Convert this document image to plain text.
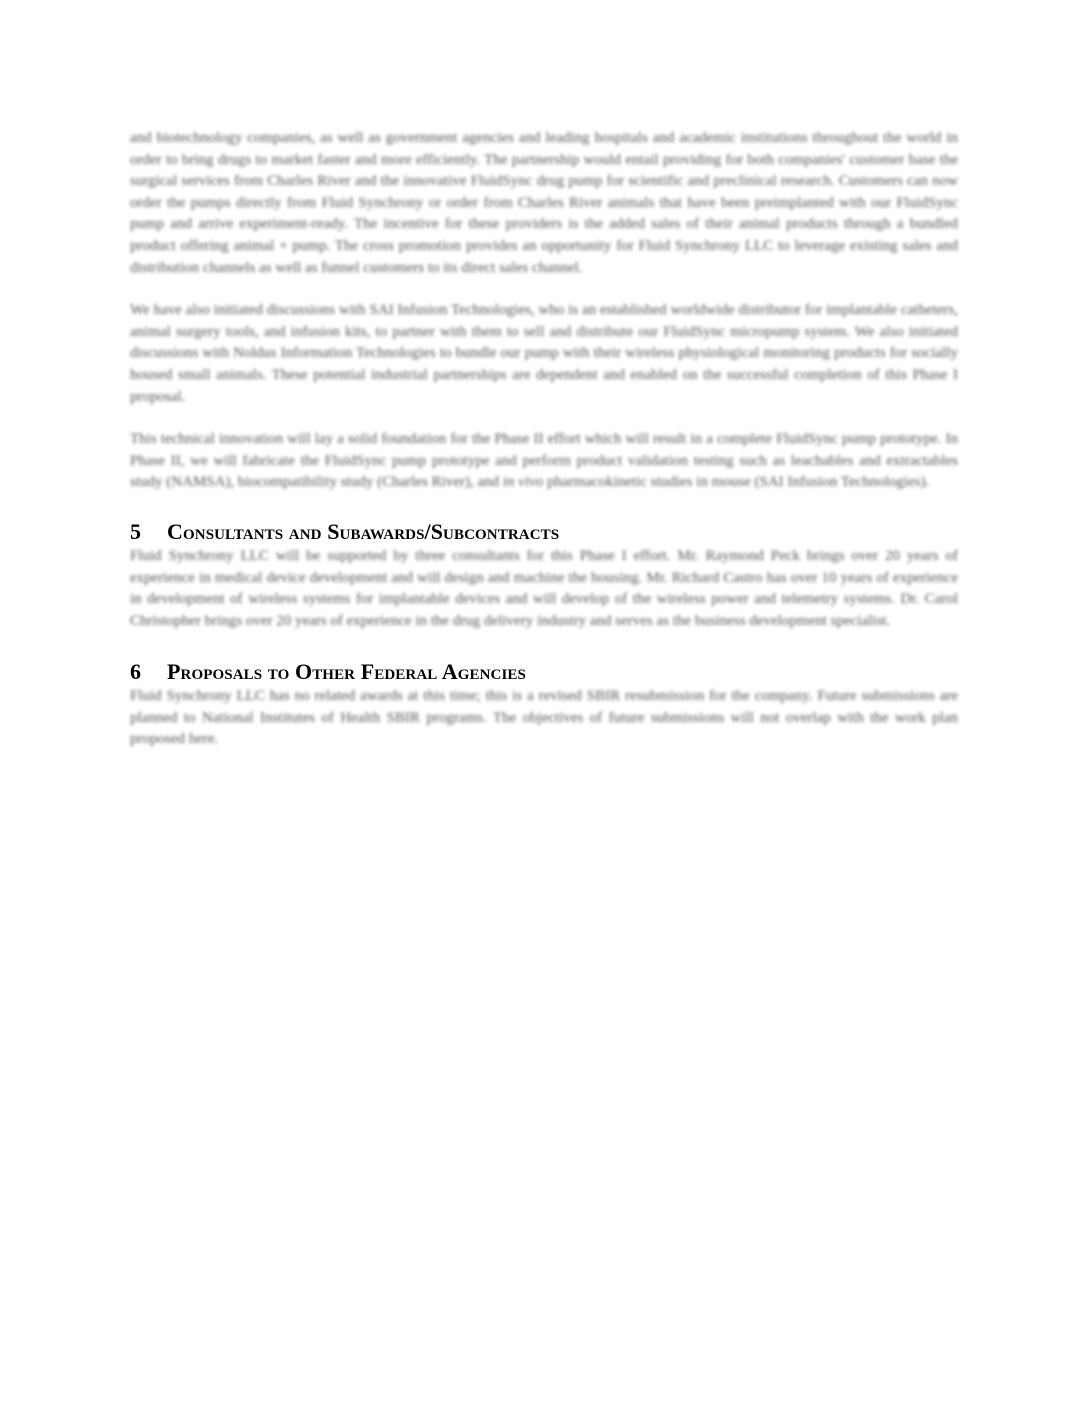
and biotechnology companies, as well as government agencies and leading hospitals and academic institutions throughout the world in order to bring drugs to market faster and more efficiently. The partnership would entail providing for both companies' customer base the surgical services from Charles River and the innovative FluidSync drug pump for scientific and preclinical research. Customers can now order the pumps directly from Fluid Synchrony or order from Charles River animals that have been preimplanted with our FluidSync pump and arrive experiment-ready. The incentive for these providers is the added sales of their animal products through a bundled product offering animal + pump. The cross promotion provides an opportunity for Fluid Synchrony LLC to leverage existing sales and distribution channels as well as funnel customers to its direct sales channel.

We have also initiated discussions with SAI Infusion Technologies, who is an established worldwide distributor for implantable catheters, animal surgery tools, and infusion kits, to partner with them to sell and distribute our FluidSync micropump system. We also initiated discussions with Noldus Information Technologies to bundle our pump with their wireless physiological monitoring products for socially housed small animals. These potential industrial partnerships are dependent and enabled on the successful completion of this Phase I proposal.

This technical innovation will lay a solid foundation for the Phase II effort which will result in a complete FluidSync pump prototype. In Phase II, we will fabricate the FluidSync pump prototype and perform product validation testing such as leachables and extractables study (NAMSA), biocompatibility study (Charles River), and in vivo pharmacokinetic studies in mouse (SAI Infusion Technologies).

5	Consultants and Subawards/Subcontracts

Fluid Synchrony LLC will be supported by three consultants for this Phase I effort. Mr. Raymond Peck brings over 20 years of experience in medical device development and will design and machine the housing. Mr. Richard Castro has over 10 years of experience in development of wireless systems for implantable devices and will develop of the wireless power and telemetry systems. Dr. Carol Christopher brings over 20 years of experience in the drug delivery industry and serves as the business development specialist.

6	Proposals to Other Federal Agencies

Fluid Synchrony LLC has no related awards at this time; this is a revised SBIR resubmission for the company. Future submissions are planned to National Institutes of Health SBIR programs. The objectives of future submissions will not overlap with the work plan proposed here.
